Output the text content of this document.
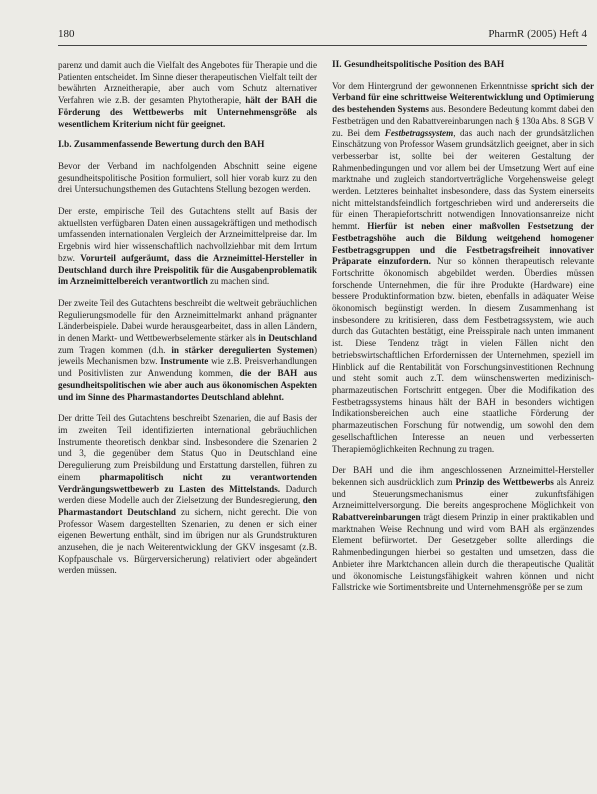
180	PharmR (2005) Heft 4

parenz und damit auch die Vielfalt des Angebotes für Therapie und die Patienten entscheidet. Im Sinne dieser therapeutischen Vielfalt teilt der bewährten Arzneitherapie, aber auch vom Schutz alternativer Verfahren wie z.B. der gesamten Phytotherapie, hält der BAH die Förderung des Wettbewerbs mit Unternehmensgröße als wesentlichem Kriterium nicht für geeignet.

I.b. Zusammenfassende Bewertung durch den BAH

Bevor der Verband im nachfolgenden Abschnitt seine eigene gesundheitspolitische Position formuliert, soll hier vorab kurz zu den drei Untersuchungsthemen des Gutachtens Stellung bezogen werden.

Der erste, empirische Teil des Gutachtens stellt auf Basis der aktuellsten verfügbaren Daten einen aussagekräftigen und methodisch umfassenden internationalen Vergleich der Arzneimittelpreise dar. Im Ergebnis wird hier wissenschaftlich nachvollziehbar mit dem Irrtum bzw. Vorurteil aufgeräumt, dass die Arzneimittel-Hersteller in Deutschland durch ihre Preispolitik für die Ausgabenproblematik im Arzneimittelbereich verantwortlich zu machen sind.

Der zweite Teil des Gutachtens beschreibt die weltweit gebräuchlichen Regulierungsmodelle für den Arzneimittelmarkt anhand prägnanter Länderbeispiele. Dabei wurde herausgearbeitet, dass in allen Ländern, in denen Markt- und Wettbewerbselemente stärker als in Deutschland zum Tragen kommen (d.h. in stärker deregulierten Systemen) jeweils Mechanismen bzw. Instrumente wie z.B. Preisverhandlungen und Positivlisten zur Anwendung kommen, die der BAH aus gesundheitspolitischen wie aber auch aus ökonomischen Aspekten und im Sinne des Pharmastandortes Deutschland ablehnt.

Der dritte Teil des Gutachtens beschreibt Szenarien, die auf Basis der im zweiten Teil identifizierten international gebräuchlichen Instrumente theoretisch denkbar sind. Insbesondere die Szenarien 2 und 3, die gegenüber dem Status Quo in Deutschland eine Deregulierung zum Preisbildung und Erstattung darstellen, führen zu einem pharmapolitisch nicht zu verantwortenden Verdrängungswettbewerb zu Lasten des Mittelstands. Dadurch werden diese Modelle auch der Zielsetzung der Bundesregierung, den Pharmastandort Deutschland zu sichern, nicht gerecht. Die von Professor Wasem dargestellten Szenarien, zu denen er sich einer eigenen Bewertung enthält, sind im übrigen nur als Grundstrukturen anzusehen, die je nach Weiterentwicklung der GKV insgesamt (z.B. Kopfpauschale vs. Bürgerversicherung) relativiert oder abgeändert werden müssen.

II. Gesundheitspolitische Position des BAH

Vor dem Hintergrund der gewonnenen Erkenntnisse spricht sich der Verband für eine schrittweise Weiterentwicklung und Optimierung des bestehenden Systems aus. Besondere Bedeutung kommt dabei den Festbeträgen und den Rabattvereinbarungen nach § 130a Abs. 8 SGB V zu. Bei dem Festbetragssystem, das auch nach der grundsätzlichen Einschätzung von Professor Wasem grundsätzlich geeignet, aber in sich verbesserbar ist, sollte bei der weiteren Gestaltung der Rahmenbedingungen und vor allem bei der Umsetzung Wert auf eine marktnahe und zugleich standortverträgliche Vorgehensweise gelegt werden. Letzteres beinhaltet insbesondere, dass das System einerseits nicht mittelstandsfeindlich fortgeschrieben wird und andererseits die für einen Therapiefortschritt notwendigen Innovationsanreize nicht hemmt. Hierfür ist neben einer maßvollen Festsetzung der Festbetragshöhe auch die Bildung weitgehend homogener Festbetragsgruppen und die Festbetragsfreiheit innovativer Präparate einzufordern. Nur so können therapeutisch relevante Fortschritte ökonomisch abgebildet werden. Überdies müssen forschende Unternehmen, die für ihre Produkte (Hardware) eine bessere Produktinformation bzw. bieten, ebenfalls in adäquater Weise ökonomisch begünstigt werden. In diesem Zusammenhang ist insbesondere zu kritisieren, dass dem Festbetragssystem, wie auch durch das Gutachten bestätigt, eine Preisspirale nach unten immanent ist. Diese Tendenz trägt in vielen Fällen nicht den betriebswirtschaftlichen Erfordernissen der Unternehmen, speziell im Hinblick auf die Rentabilität von Forschungsinvestitionen Rechnung und steht somit auch z.T. dem wünschenswerten medizinisch-pharmazeutischen Fortschritt entgegen. Über die Modifikation des Festbetragssystems hinaus hält der BAH in besonders wichtigen Indikationsbereichen auch eine staatliche Förderung der pharmazeutischen Forschung für notwendig, um sowohl den dem gesellschaftlichen Interesse an neuen und verbesserten Therapiemöglichkeiten Rechnung zu tragen.

Der BAH und die ihm angeschlossenen Arzneimittel-Hersteller bekennen sich ausdrücklich zum Prinzip des Wettbewerbs als Anreiz und Steuerungsmechanismus einer zukunftsfähigen Arzneimittelversorgung. Die bereits angesprochene Möglichkeit von Rabattvereinbarungen trägt diesem Prinzip in einer praktikablen und marktnahen Weise Rechnung und wird vom BAH als ergänzendes Element befürwortet. Der Gesetzgeber sollte allerdings die Rahmenbedingungen hierbei so gestalten und umsetzen, dass die Anbieter ihre Marktchancen allein durch die therapeutische Qualität und ökonomische Leistungsfähigkeit wahren können und nicht Fallstricke wie Sortimentsbreite und Unternehmensgröße per se zum
